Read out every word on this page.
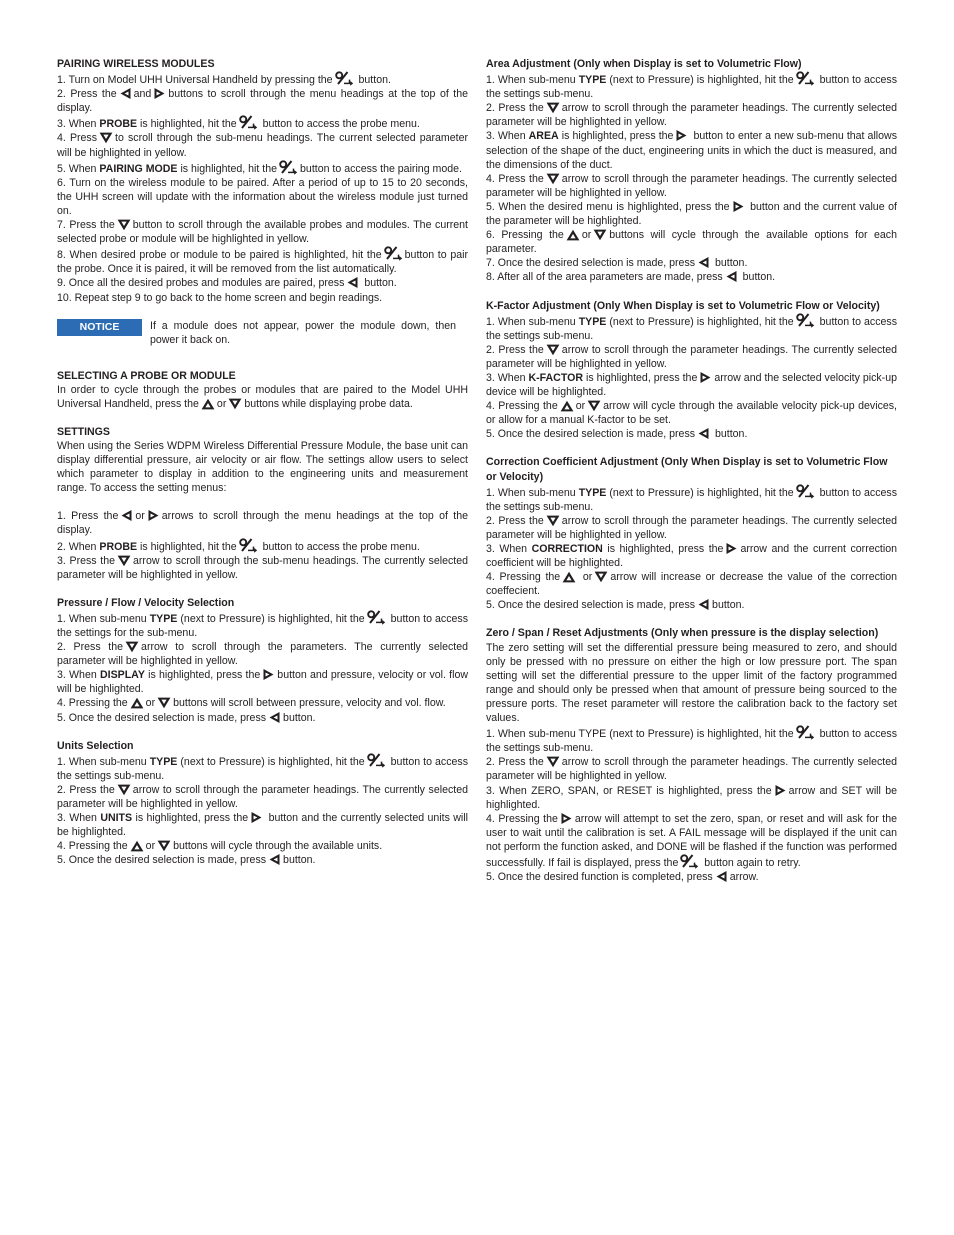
PAIRING WIRELESS MODULES
1. Turn on Model UHH Universal Handheld by pressing the
button.
2. Press the and buttons to scroll through the menu headings at the top of the display.
3. When PROBE is highlighted, hit the
button to access the probe menu.
4. Press to scroll through the sub-menu headings. The current selected parameter will be highlighted in yellow.
5. When PAIRING MODE is highlighted, hit the button to access the pairing mode.
6. Turn on the wireless module to be paired. After a period of up to 15 to 20 seconds, the UHH screen will update with the information about the wireless module just turned on.
7. Press the button to scroll through the available probes and modules. The current selected probe or module will be highlighted in yellow.
8. When desired probe or module to be paired is highlighted, hit the button to pair the probe. Once it is paired, it will be removed from the list automatically.
9. Once all the desired probes and modules are paired, press
button.
10. Repeat step 9 to go back to the home screen and begin readings.
NOTICE	If a module does not appear, power the module down, then power it back on.
SELECTING A PROBE OR MODULE
In order to cycle through the probes or modules that are paired to the Model UHH Universal Handheld, press the or buttons while displaying probe data.
SETTINGS
When using the Series WDPM Wireless Differential Pressure Module, the base unit can display differential pressure, air velocity or air flow. The settings allow users to select which parameter to display in addition to the engineering units and measurement range. To access the setting menus:
1. Press the or arrows to scroll through the menu headings at the top of the display.
2. When PROBE is highlighted, hit the
button to access the probe menu.
3. Press the arrow to scroll through the sub-menu headings. The currently selected parameter will be highlighted in yellow.
Pressure / Flow / Velocity Selection
1. When sub-menu TYPE (next to Pressure) is highlighted, hit the
button to access the settings for the sub-menu.
2. Press the arrow to scroll through the parameters. The currently selected parameter will be highlighted in yellow.
3. When DISPLAY is highlighted, press the button and pressure, velocity or vol. flow will be highlighted.
4. Pressing the or buttons will scroll between pressure, velocity and vol. flow.
5. Once the desired selection is made, press button.
Units Selection
1. When sub-menu TYPE (next to Pressure) is highlighted, hit the
button to access the settings sub-menu.
2. Press the arrow to scroll through the parameter headings. The currently selected parameter will be highlighted in yellow.
3. When UNITS is highlighted, press the
button and the currently selected units will be highlighted.
4. Pressing the or buttons will cycle through the available units.
5. Once the desired selection is made, press button.
Area Adjustment (Only when Display is set to Volumetric Flow)
1. When sub-menu TYPE (next to Pressure) is highlighted, hit the
button to access the settings sub-menu.
2. Press the arrow to scroll through the parameter headings. The currently selected parameter will be highlighted in yellow.
3. When AREA is highlighted, press the
button to enter a new sub-menu that allows selection of the shape of the duct, engineering units in which the duct is measured, and the dimensions of the duct.
4. Press the arrow to scroll through the parameter headings. The currently selected parameter will be highlighted in yellow.
5. When the desired menu is highlighted, press the
button and the current value of the parameter will be highlighted.
6. Pressing the or buttons will cycle through the available options for each parameter.
7. Once the desired selection is made, press
button.
8. After all of the area parameters are made, press
button.
K-Factor Adjustment (Only When Display is set to Volumetric Flow or Velocity)
1. When sub-menu TYPE (next to Pressure) is highlighted, hit the
button to access the settings sub-menu.
2. Press the arrow to scroll through the parameter headings. The currently selected parameter will be highlighted in yellow.
3. When K-FACTOR is highlighted, press the arrow and the selected velocity pick-up device will be highlighted.
4. Pressing the or arrow will cycle through the available velocity pick-up devices, or allow for a manual K-factor to be set.
5. Once the desired selection is made, press
button.
Correction Coefficient Adjustment (Only When Display is set to Volumetric Flow or Velocity)
1. When sub-menu TYPE (next to Pressure) is highlighted, hit the
button to access the settings sub-menu.
2. Press the arrow to scroll through the parameter headings. The currently selected parameter will be highlighted in yellow.
3. When CORRECTION is highlighted, press the arrow and the current correction coefficient will be highlighted.
4. Pressing the
or arrow will increase or decrease the value of the correction coeffecient.
5. Once the desired selection is made, press button.
Zero / Span / Reset Adjustments (Only when pressure is the display selection)
The zero setting will set the differential pressure being measured to zero, and should only be pressed with no pressure on either the high or low pressure port. The span setting will set the differential pressure to the upper limit of the factory programmed range and should only be pressed when that amount of pressure being sourced to the pressure ports. The reset parameter will restore the calibration back to the factory set values.
1. When sub-menu TYPE (next to Pressure) is highlighted, hit the
button to access the settings sub-menu.
2. Press the arrow to scroll through the parameter headings. The currently selected parameter will be highlighted in yellow.
3. When ZERO, SPAN, or RESET is highlighted, press the arrow and SET will be highlighted.
4. Pressing the arrow will attempt to set the zero, span, or reset and will ask for the user to wait until the calibration is set. A FAIL message will be displayed if the unit can not perform the function asked, and DONE will be flashed if the function was performed successfully. If fail is displayed, press the
button again to retry.
5. Once the desired function is completed, press arrow.
